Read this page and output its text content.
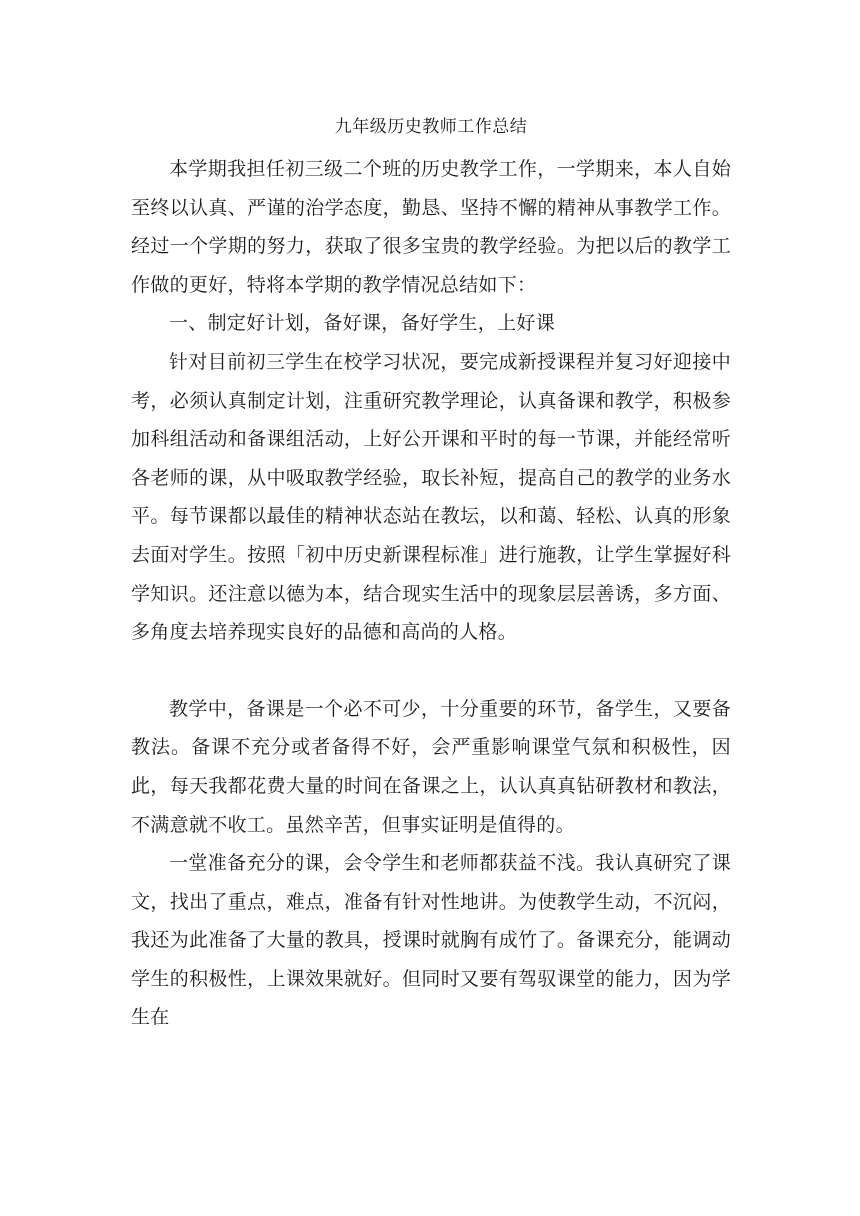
九年级历史教师工作总结

本学期我担任初三级二个班的历史教学工作，一学期来，本人自始至终以认真、严谨的治学态度，勤恳、坚持不懈的精神从事教学工作。经过一个学期的努力，获取了很多宝贵的教学经验。为把以后的教学工作做的更好，特将本学期的教学情况总结如下：

一、制定好计划，备好课，备好学生，上好课

针对目前初三学生在校学习状况，要完成新授课程并复习好迎接中考，必须认真制定计划，注重研究教学理论，认真备课和教学，积极参加科组活动和备课组活动，上好公开课和平时的每一节课，并能经常听各老师的课，从中吸取教学经验，取长补短，提高自己的教学的业务水平。每节课都以最佳的精神状态站在教坛，以和蔼、轻松、认真的形象去面对学生。按照「初中历史新课程标准」进行施教，让学生掌握好科学知识。还注意以德为本，结合现实生活中的现象层层善诱，多方面、多角度去培养现实良好的品德和高尚的人格。

教学中，备课是一个必不可少，十分重要的环节，备学生，又要备教法。备课不充分或者备得不好，会严重影响课堂气氛和积极性，因此，每天我都花费大量的时间在备课之上，认认真真钻研教材和教法，不满意就不收工。虽然辛苦，但事实证明是值得的。

一堂准备充分的课，会令学生和老师都获益不浅。我认真研究了课文，找出了重点，难点，准备有针对性地讲。为使教学生动，不沉闷，我还为此准备了大量的教具，授课时就胸有成竹了。备课充分，能调动学生的积极性，上课效果就好。但同时又要有驾驭课堂的能力，因为学生在
